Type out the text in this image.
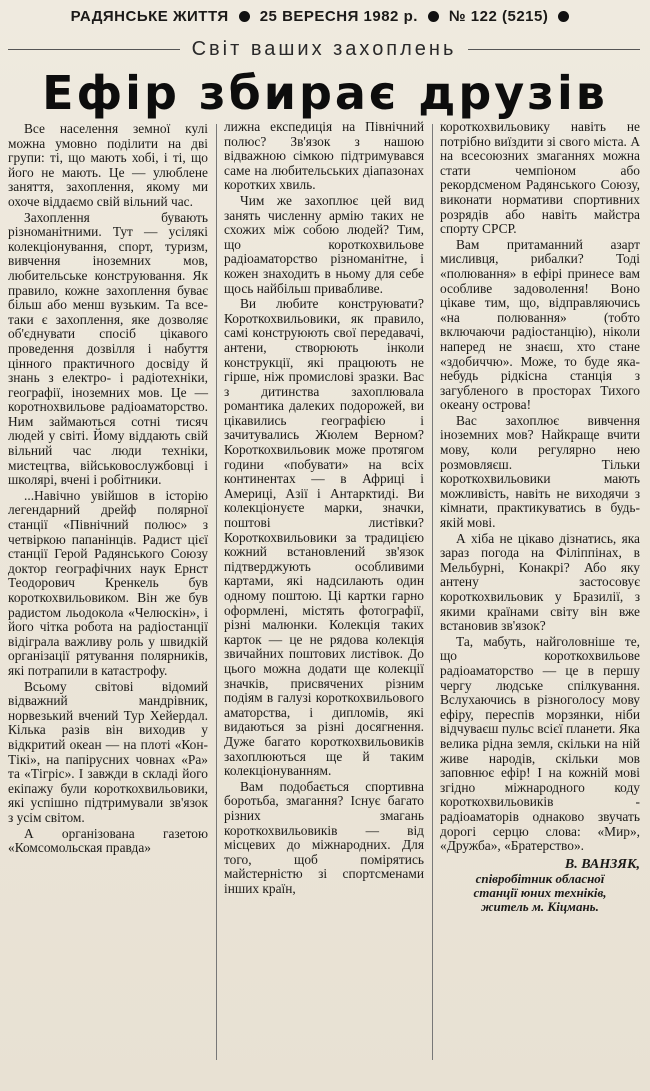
РАДЯНСЬКЕ ЖИТТЯ 25 ВЕРЕСНЯ 1982 р. № 122 (5215)
Світ ваших захоплень
Ефір збирає друзів

Все населення земної кулі можна умовно поділити на дві групи: ті, що мають хобі, і ті, що його не мають. Це — улюблене заняття, захоплення, якому ми охоче віддаємо свій вільний час.

Захоплення бувають різноманітними. Тут — усілякі колекціонування, спорт, туризм, вивчення іноземних мов, любительське конструювання. Як правило, кожне захоплення буває більш або менш вузьким. Та все-таки є захоплення, яке дозволяє об'єднувати спосіб цікавого проведення дозвілля і набуття цінного практичного досвіду й знань з електро- і радіотехніки, географії, іноземних мов. Це — коротнохвильове радіоаматорство. Ним займаються сотні тисяч людей у світі. Йому віддають свій вільний час люди техніки, мистецтва, військовослужбовці і школярі, вчені і робітники.

...Навічно увійшов в історію легендарний дрейф полярної станції «Північний полюс» з четвіркою папанінців. Радист цієї станції Герой Радянського Союзу доктор географічних наук Ернст Теодорович Кренкель був короткохвильовиком. Він же був радистом льодокола «Челюскін», і його чітка робота на радіостанції відіграла важливу роль у швидкій організації рятування полярників, які потрапили в катастрофу.

Всьому світові відомий відважний мандрівник, норвезький вчений Тур Хейердал. Кілька разів він виходив у відкритий океан — на плоті «Кон-Тікі», на папірусних човнах «Ра» та «Тігріс». І завжди в складі його екіпажу були короткохвильовики, які успішно підтримували зв'язок з усім світом.

А організована газетою «Комсомольская правда»

лижна експедиція на Північний полюс? Зв'язок з нашою відважною сімкою підтримувався саме на любительських діапазонах коротких хвиль.

Чим же захоплює цей вид занять численну армію таких не схожих між собою людей? Тим, що короткохвильове радіоаматорство різноманітне, і кожен знаходить в ньому для себе щось найбільш привабливе.

Ви любите конструювати? Короткохвильовики, як правило, самі конструюють свої передавачі, антени, створюють інколи конструкції, які працюють не гірше, ніж промислові зразки. Вас з дитинства захоплювала романтика далеких подорожей, ви цікавились географією і зачитувались Жюлем Верном? Короткохвильовик може протягом години «побувати» на всіх континентах — в Африці і Америці, Азії і Антарктиді. Ви колекціонуєте марки, значки, поштові листівки? Короткохвильовики за традицією кожний встановлений зв'язок підтверджують особливими картами, які надсилають один одному поштою. Ці картки гарно оформлені, містять фотографії, різні малюнки. Колекція таких карток — це не рядова колекція звичайних поштових листівок. До цього можна додати ще колекції значків, присвячених різним подіям в галузі короткохвильового аматорства, і дипломів, які видаються за різні досягнення. Дуже багато короткохвильовиків захоплюються ще й таким колекціонуванням.

Вам подобається спортивна боротьба, змагання? Існує багато різних змагань короткохвильовиків — від місцевих до міжнародних. Для того, щоб помірятись майстерністю зі спортсменами інших країн,

короткохвильовику навіть не потрібно виїздити зі свого міста. А на всесоюзних змаганнях можна стати чемпіоном або рекордсменом Радянського Союзу, виконати нормативи спортивних розрядів або навіть майстра спорту СРСР.

Вам притаманний азарт мисливця, рибалки? Тоді «полювання» в ефірі принесе вам особливе задоволення! Воно цікаве тим, що, відправляючись «на полювання» (тобто включаючи радіостанцію), ніколи наперед не знаєш, хто стане «здобиччю». Може, то буде яка-небудь рідкісна станція з загубленого в просторах Тихого океану острова!

Вас захоплює вивчення іноземних мов? Найкраще вчити мову, коли регулярно нею розмовляєш. Тільки короткохвильовики мають можливість, навіть не виходячи з кімнати, практикуватись в будь-якій мові.

А хіба не цікаво дізнатись, яка зараз погода на Філіппінах, в Мельбурні, Конакрі? Або яку антену застосовує короткохвильовик у Бразилії, з якими країнами світу він вже встановив зв'язок?

Та, мабуть, найголовніше те, що короткохвильове радіоаматорство — це в першу чергу людське спілкування. Вслухаючись в різноголосу мову ефіру, переспів морзянки, ніби відчуваєш пульс всієї планети. Яка велика рідна земля, скільки на ній живе народів, скільки мов заповнює ефір! І на кожній мові згідно міжнародного коду короткохвильовиків - радіоаматорів однаково звучать дорогі серцю слова: «Мир», «Дружба», «Братерство».

В. ВАНЗЯК,
співробітник обласної
станції юних техніків,
житель м. Кіцмань.
